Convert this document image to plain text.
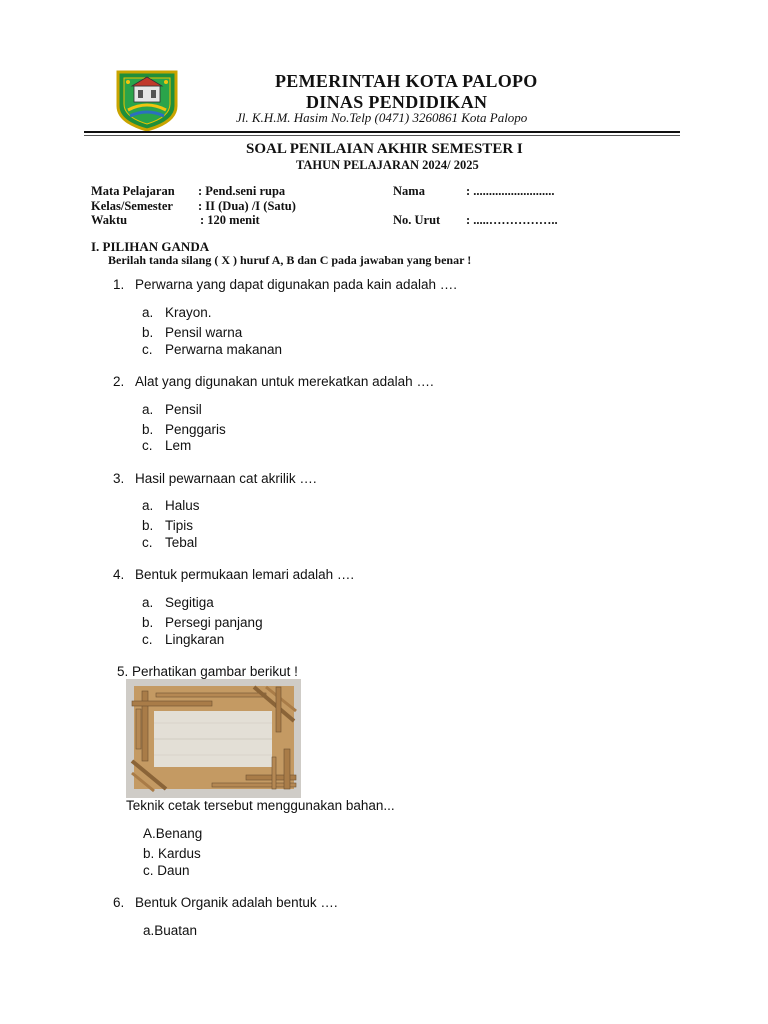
PEMERINTAH KOTA PALOPO
DINAS PENDIDIKAN
Jl. K.H.M. Hasim No.Telp (0471) 3260861 Kota Palopo
SOAL PENILAIAN AKHIR SEMESTER I
TAHUN PELAJARAN 2024/ 2025
Mata Pelajaran : Pend.seni rupa
Kelas/Semester : II (Dua) /I (Satu)
Waktu	: 120 menit
Nama	: ..........................
No. Urut : .....……………..
I. PILIHAN GANDA
Berilah tanda silang ( X ) huruf A, B dan C pada jawaban yang benar !
1. Perwarna yang dapat digunakan pada kain adalah ….
a. Krayon.
b. Pensil warna
c. Perwarna makanan
2. Alat yang digunakan untuk merekatkan adalah ….
a. Pensil
b. Penggaris
c. Lem
3. Hasil pewarnaan cat akrilik ….
a. Halus
b. Tipis
c. Tebal
4. Bentuk permukaan lemari adalah ….
a. Segitiga
b. Persegi panjang
c. Lingkaran
5. Perhatikan gambar berikut !
Teknik cetak tersebut menggunakan bahan...
A.Benang
b. Kardus
c. Daun
6. Bentuk Organik adalah bentuk ….
a.Buatan
